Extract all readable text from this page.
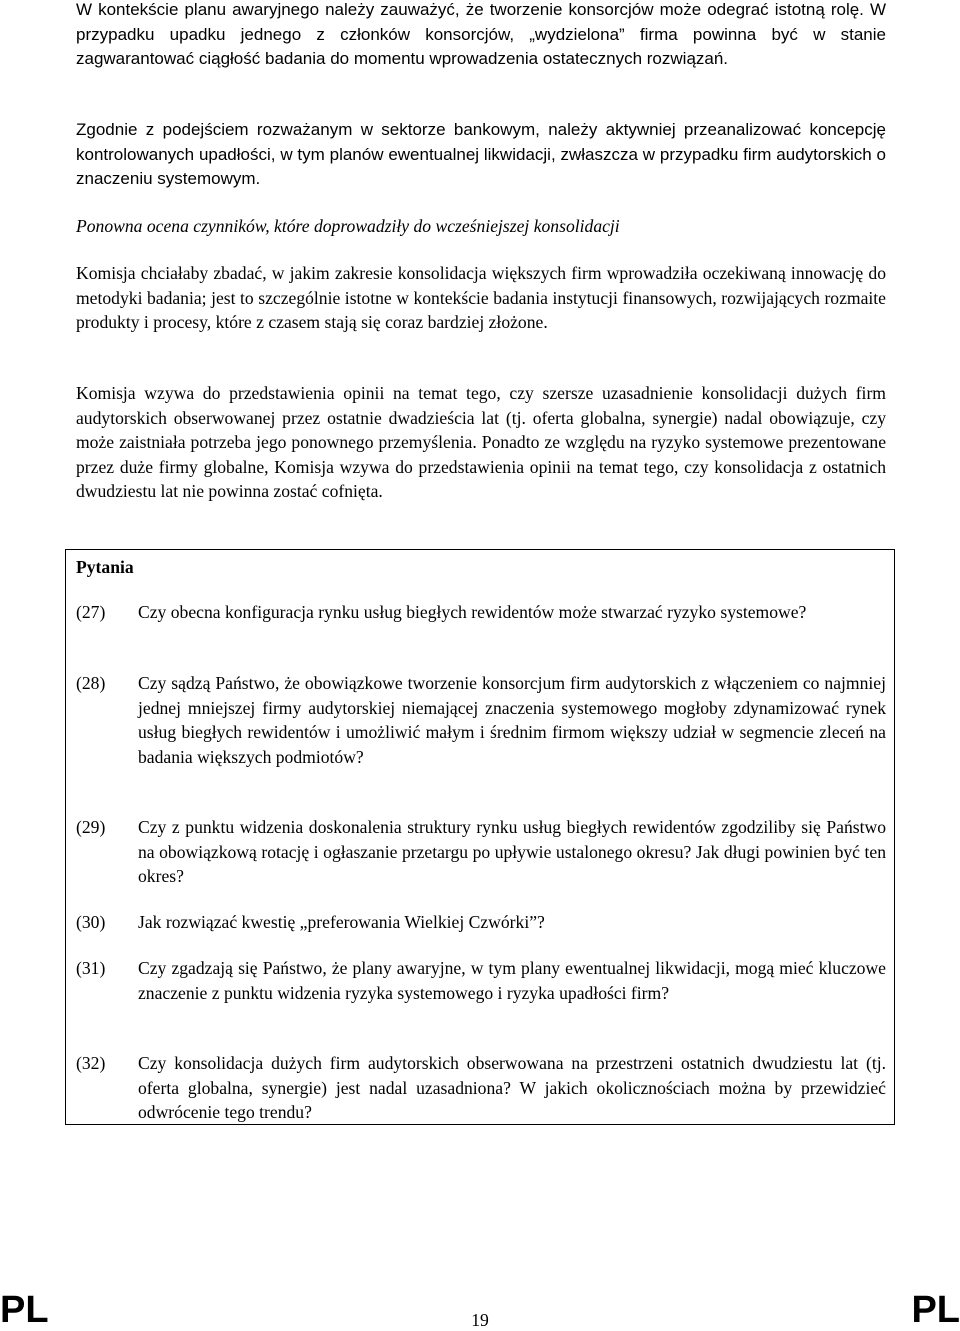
W kontekście planu awaryjnego należy zauważyć, że tworzenie konsorcjów może odegrać istotną rolę. W przypadku upadku jednego z członków konsorcjów, „wydzielona” firma powinna być w stanie zagwarantować ciągłość badania do momentu wprowadzenia ostatecznych rozwiązań.

Zgodnie z podejściem rozważanym w sektorze bankowym, należy aktywniej przeanalizować koncepcję kontrolowanych upadłości, w tym planów ewentualnej likwidacji, zwłaszcza w przypadku firm audytorskich o znaczeniu systemowym.

Ponowna ocena czynników, które doprowadziły do wcześniejszej konsolidacji

Komisja chciałaby zbadać, w jakim zakresie konsolidacja większych firm wprowadziła oczekiwaną innowację do metodyki badania; jest to szczególnie istotne w kontekście badania instytucji finansowych, rozwijających rozmaite produkty i procesy, które z czasem stają się coraz bardziej złożone.

Komisja wzywa do przedstawienia opinii na temat tego, czy szersze uzasadnienie konsolidacji dużych firm audytorskich obserwowanej przez ostatnie dwadzieścia lat (tj. oferta globalna, synergie) nadal obowiązuje, czy może zaistniała potrzeba jego ponownego przemyślenia. Ponadto ze względu na ryzyko systemowe prezentowane przez duże firmy globalne, Komisja wzywa do przedstawienia opinii na temat tego, czy konsolidacja z ostatnich dwudziestu lat nie powinna zostać cofnięta.

Pytania
(27)	Czy obecna konfiguracja rynku usług biegłych rewidentów może stwarzać ryzyko systemowe?
(28)	Czy sądzą Państwo, że obowiązkowe tworzenie konsorcjum firm audytorskich z włączeniem co najmniej jednej mniejszej firmy audytorskiej niemającej znaczenia systemowego mogłoby zdynamizować rynek usług biegłych rewidentów i umożliwić małym i średnim firmom większy udział w segmencie zleceń na badania większych podmiotów?
(29)	Czy z punktu widzenia doskonalenia struktury rynku usług biegłych rewidentów zgodziliby się Państwo na obowiązkową rotację i ogłaszanie przetargu po upływie ustalonego okresu? Jak długi powinien być ten okres?
(30)	Jak rozwiązać kwestię „preferowania Wielkiej Czwórki”?
(31)	Czy zgadzają się Państwo, że plany awaryjne, w tym plany ewentualnej likwidacji, mogą mieć kluczowe znaczenie z punktu widzenia ryzyka systemowego i ryzyka upadłości firm?
(32)	Czy konsolidacja dużych firm audytorskich obserwowana na przestrzeni ostatnich dwudziestu lat (tj. oferta globalna, synergie) jest nadal uzasadniona? W jakich okolicznościach można by przewidzieć odwrócenie tego trendu?
PL	19	PL
